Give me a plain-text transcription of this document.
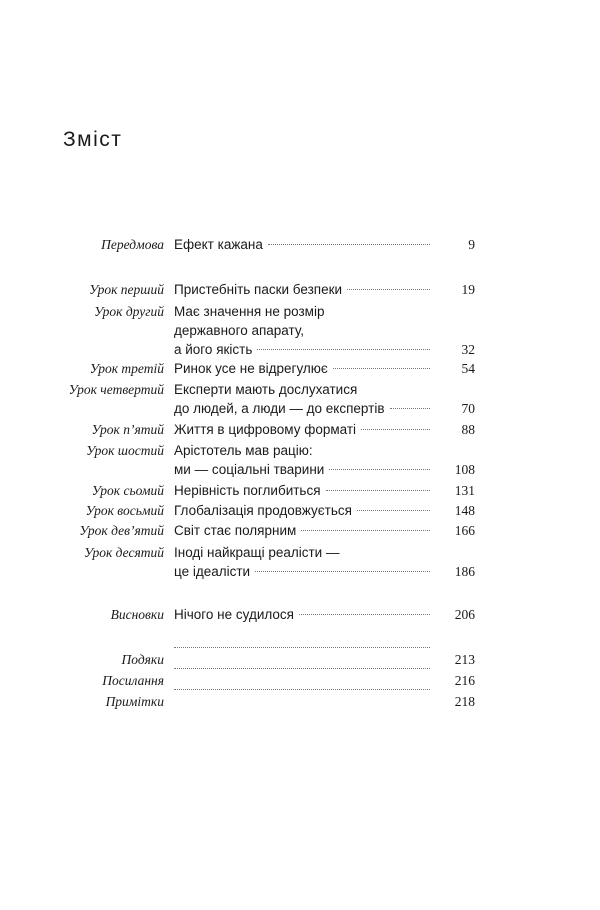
Зміст
Передмова Ефект кажана	9
Урок перший Пристебніть паски безпеки	19
Урок другий Має значення не розмір
державного апарату,
а його якість	32
Урок третій Ринок усе не відрегулює	54
Урок четвертий Експерти мають дослухатися
до людей, а люди — до експертів	70
Урок п’ятий Життя в цифровому форматі	88
Урок шостий Арістотель мав рацію:
ми — соціальні тварини	108
Урок сьомий Нерівність поглибиться	131
Урок восьмий Глобалізація продовжується	148
Урок дев’ятий Світ стає полярним	166
Урок десятий Іноді найкращі реалісти —
це ідеалісти	186
Висновки Нічого не судилося	206
Подяки	213
Посилання	216
Примітки	218
